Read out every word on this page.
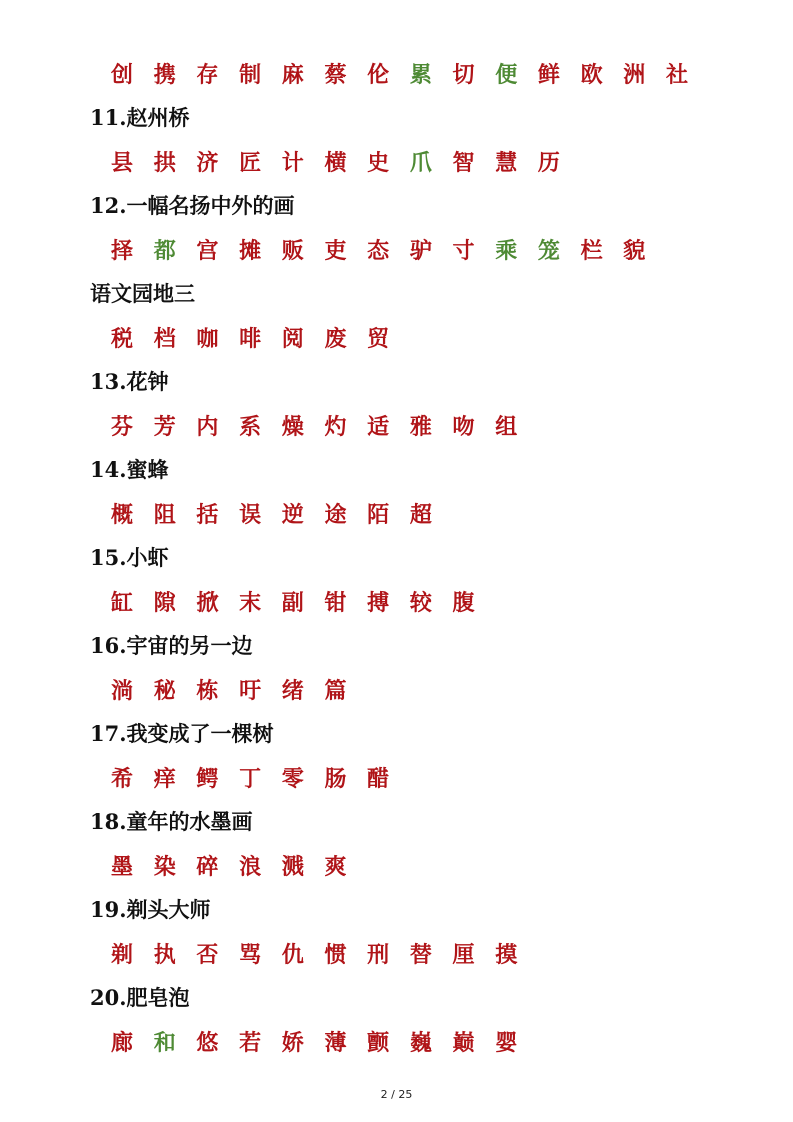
创 携 存 制 麻 蔡 伦 累 切 便 鲜 欧 洲 社
11.赵州桥
县 拱 济 匠 计 横 史 爪 智 慧 历
12.一幅名扬中外的画
择 都 宫 摊 贩 吏 态 驴 寸 乘 笼 栏 貌
语文园地三
税 档 咖 啡 阅 废 贸
13.花钟
芬 芳 内 系 燥 灼 适 雅 吻 组
14.蜜蜂
概 阻 括 误 逆 途 陌 超
15.小虾
缸 隙 掀 末 副 钳 搏 较 腹
16.宇宙的另一边
淌 秘 栋 吁 绪 篇
17.我变成了一棵树
希 痒 鳄 丁 零 肠 醋
18.童年的水墨画
墨 染 碎 浪 溅 爽
19.剃头大师
剃 执 否 骂 仇 惯 刑 替 厘 摸
20.肥皂泡
廊 和 悠 若 娇 薄 颤 巍 巅 婴
2 / 25
